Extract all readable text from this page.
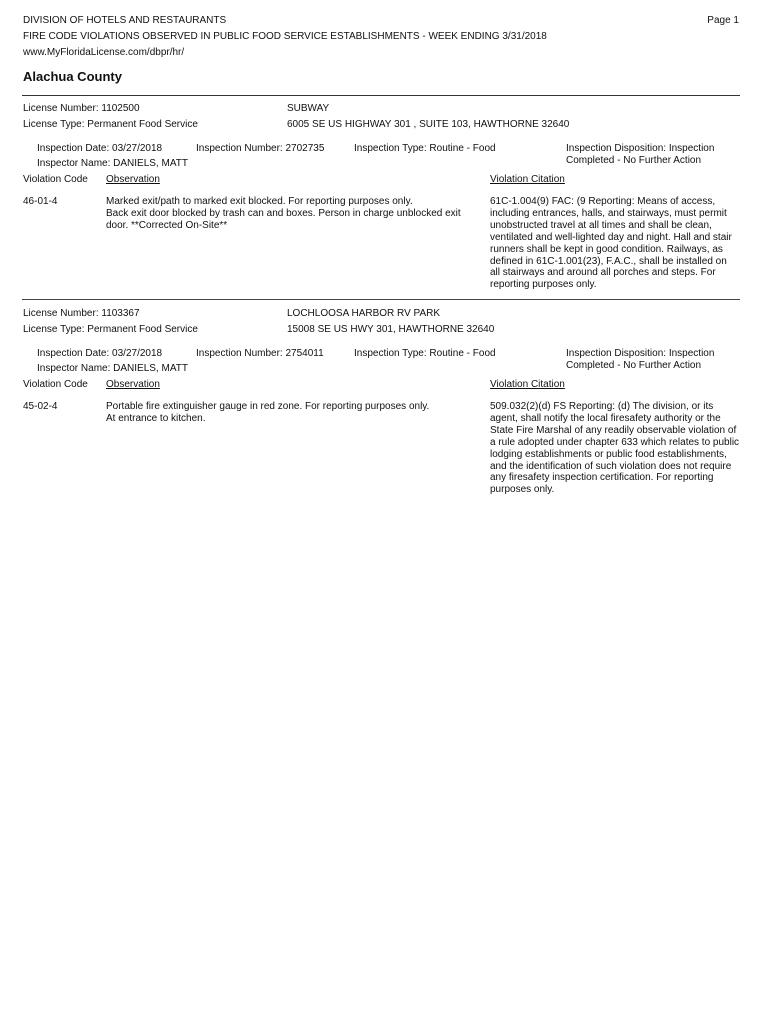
DIVISION OF HOTELS AND RESTAURANTS
FIRE CODE VIOLATIONS OBSERVED IN PUBLIC FOOD SERVICE ESTABLISHMENTS - WEEK ENDING 3/31/2018
www.MyFloridaLicense.com/dbpr/hr/
Page 1
Alachua County
License Number: 1102500
License Type: Permanent Food Service
SUBWAY
6005 SE US HIGHWAY 301 , SUITE 103, HAWTHORNE 32640
Inspection Date: 03/27/2018	Inspection Number: 2702735	Inspection Type: Routine - Food	Inspection Disposition: Inspection
Completed - No Further Action
Inspector Name: DANIELS, MATT
Violation Code Observation	Violation Citation
46-01-4	Marked exit/path to marked exit blocked. For reporting purposes only.
Back exit door blocked by trash can and boxes. Person in charge unblocked exit
door. **Corrected On-Site**
61C-1.004(9) FAC: (9 Reporting: Means of access,
including entrances, halls, and stairways, must permit
unobstructed travel at all times and shall be clean,
ventilated and well-lighted day and night. Hall and stair
runners shall be kept in good condition. Railways, as
defined in 61C-1.001(23), F.A.C., shall be installed on
all stairways and around all porches and steps. For
reporting purposes only.
License Number: 1103367
License Type: Permanent Food Service
LOCHLOOSA HARBOR RV PARK
15008 SE US HWY 301, HAWTHORNE 32640
Inspection Date: 03/27/2018	Inspection Number: 2754011	Inspection Type: Routine - Food	Inspection Disposition: Inspection
Completed - No Further Action
Inspector Name: DANIELS, MATT
Violation Code Observation	Violation Citation
45-02-4	Portable fire extinguisher gauge in red zone. For reporting purposes only.
At entrance to kitchen.
509.032(2)(d) FS Reporting: (d) The division, or its
agent, shall notify the local firesafety authority or the
State Fire Marshal of any readily observable violation of
a rule adopted under chapter 633 which relates to public
lodging establishments or public food establishments,
and the identification of such violation does not require
any firesafety inspection certification. For reporting
purposes only.
